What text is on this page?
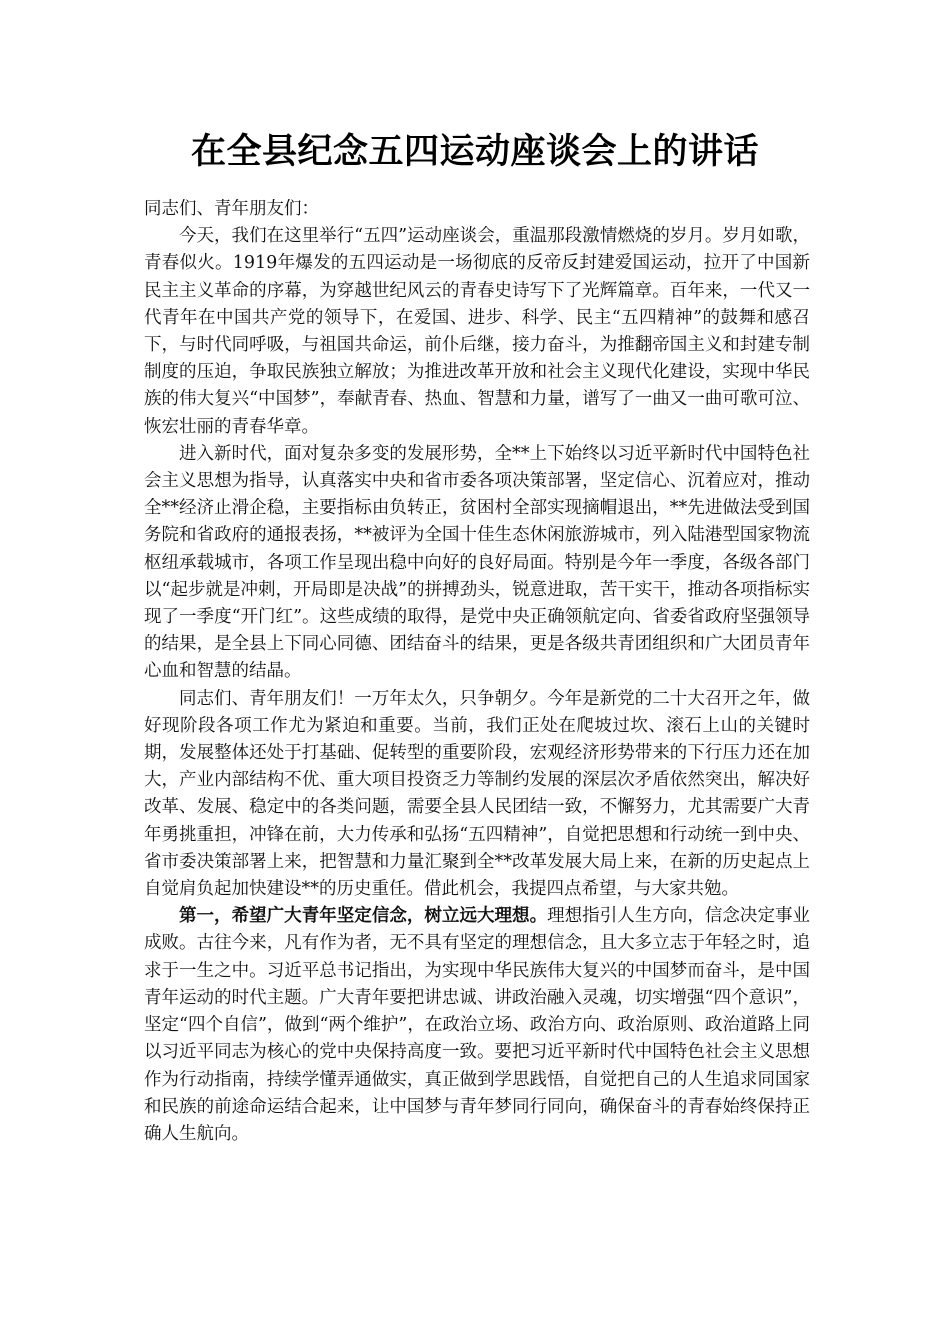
在全县纪念五四运动座谈会上的讲话

同志们、青年朋友们：

今天，我们在这里举行“五四”运动座谈会，重温那段激情燃烧的岁月。岁月如歌，青春似火。1919年爆发的五四运动是一场彻底的反帝反封建爱国运动，拉开了中国新民主主义革命的序幕，为穿越世纪风云的青春史诗写下了光辉篇章。百年来，一代又一代青年在中国共产党的领导下，在爱国、进步、科学、民主“五四精神”的鼓舞和感召下，与时代同呼吸，与祖国共命运，前仆后继，接力奋斗，为推翻帝国主义和封建专制制度的压迫，争取民族独立解放；为推进改革开放和社会主义现代化建设，实现中华民族的伟大复兴“中国梦”，奉献青春、热血、智慧和力量，谱写了一曲又一曲可歌可泣、恢宏壮丽的青春华章。

进入新时代，面对复杂多变的发展形势，全**上下始终以习近平新时代中国特色社会主义思想为指导，认真落实中央和省市委各项决策部署，坚定信心、沉着应对，推动全**经济止滑企稳，主要指标由负转正，贫困村全部实现摘帽退出，**先进做法受到国务院和省政府的通报表扬，**被评为全国十佳生态休闲旅游城市，列入陆港型国家物流枢纽承载城市，各项工作呈现出稳中向好的良好局面。特别是今年一季度，各级各部门以“起步就是冲刺，开局即是决战”的拼搏劲头，锐意进取，苦干实干，推动各项指标实现了一季度“开门红”。这些成绩的取得，是党中央正确领航定向、省委省政府坚强领导的结果，是全县上下同心同德、团结奋斗的结果，更是各级共青团组织和广大团员青年心血和智慧的结晶。

同志们、青年朋友们！一万年太久，只争朝夕。今年是新党的二十大召开之年，做好现阶段各项工作尤为紧迫和重要。当前，我们正处在爬坡过坎、滚石上山的关键时期，发展整体还处于打基础、促转型的重要阶段，宏观经济形势带来的下行压力还在加大，产业内部结构不优、重大项目投资乏力等制约发展的深层次矛盾依然突出，解决好改革、发展、稳定中的各类问题，需要全县人民团结一致，不懈努力，尤其需要广大青年勇挑重担，冲锋在前，大力传承和弘扬“五四精神”，自觉把思想和行动统一到中央、省市委决策部署上来，把智慧和力量汇聚到全**改革发展大局上来，在新的历史起点上自觉肩负起加快建设**的历史重任。借此机会，我提四点希望，与大家共勉。

第一，希望广大青年坚定信念，树立远大理想。理想指引人生方向，信念决定事业成败。古往今来，凡有作为者，无不具有坚定的理想信念，且大多立志于年轻之时，追求于一生之中。习近平总书记指出，为实现中华民族伟大复兴的中国梦而奋斗，是中国青年运动的时代主题。广大青年要把讲忠诚、讲政治融入灵魂，切实增强“四个意识”，坚定“四个自信”，做到“两个维护”，在政治立场、政治方向、政治原则、政治道路上同以习近平同志为核心的党中央保持高度一致。要把习近平新时代中国特色社会主义思想作为行动指南，持续学懂弄通做实，真正做到学思践悟，自觉把自己的人生追求同国家和民族的前途命运结合起来，让中国梦与青年梦同行同向，确保奋斗的青春始终保持正确人生航向。
